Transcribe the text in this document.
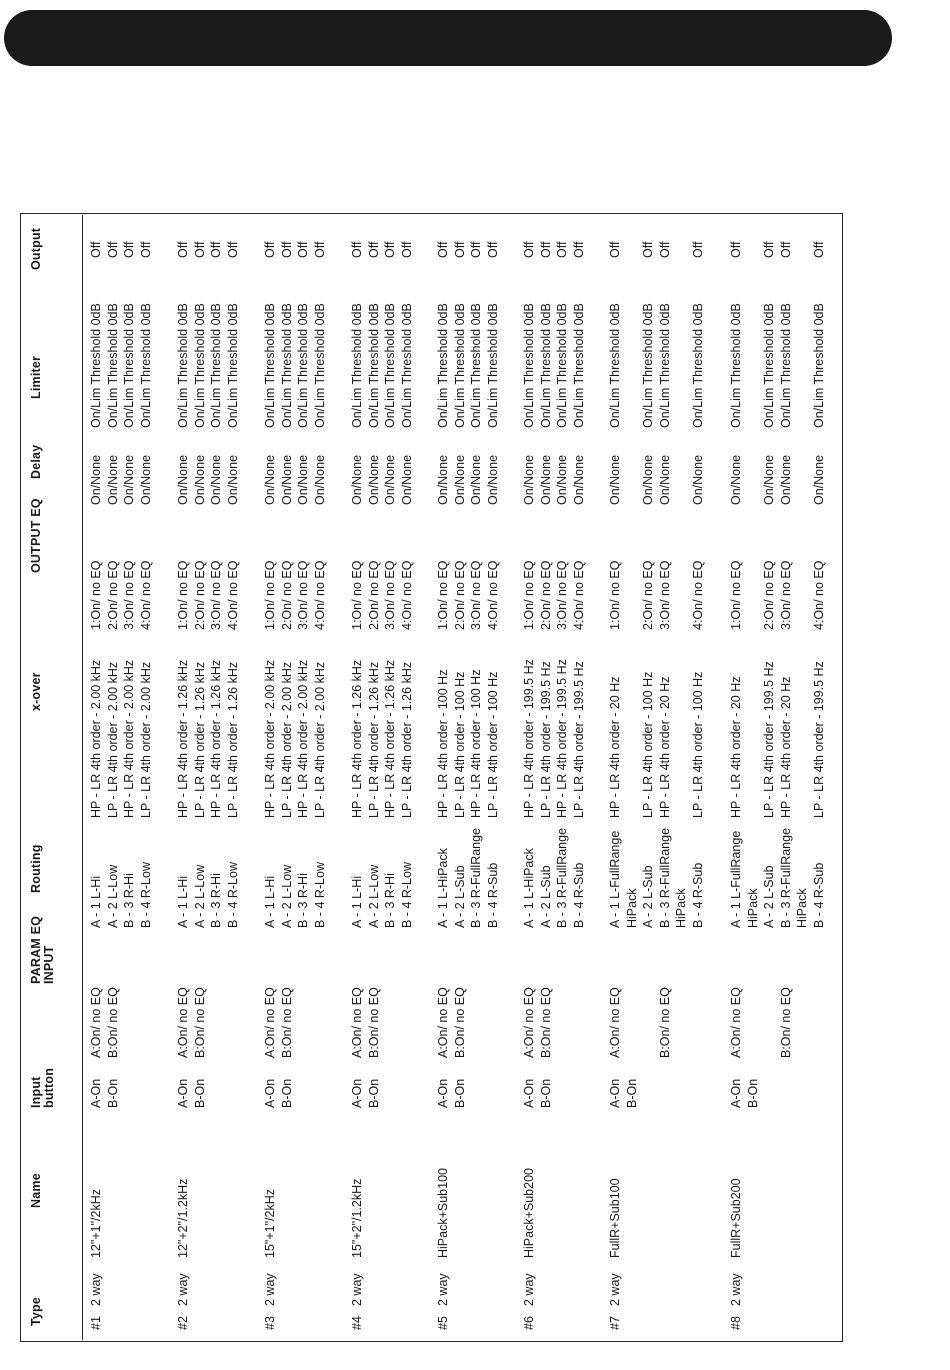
Type
Name
Input button
PARAM EQ INPUT
Routing
x-over
OUTPUT EQ
Delay
Limiter
Output
#1
2 way
12"+1"/2kHz
A-On B-On
A:On/ no EQ B:On/ no EQ
A - 1 L-Hi A - 2 L-Low B - 3 R-Hi B - 4 R-Low
HP - LR 4th order - 2.00 kHz LP - LR 4th order - 2.00 kHz HP - LR 4th order - 2.00 kHz LP - LR 4th order - 2.00 kHz
1:On/ no EQ 2:On/ no EQ 3:On/ no EQ 4:On/ no EQ
On/None On/None On/None On/None
On/Lim Threshold 0dB On/Lim Threshold 0dB On/Lim Threshold 0dB On/Lim Threshold 0dB
Off Off Off Off
#2
2 way
12"+2"/1.2kHz
A-On B-On
A:On/ no EQ B:On/ no EQ
A - 1 L-Hi A - 2 L-Low B - 3 R-Hi B - 4 R-Low
HP - LR 4th order - 1.26 kHz LP - LR 4th order - 1.26 kHz HP - LR 4th order - 1.26 kHz LP - LR 4th order - 1.26 kHz
1:On/ no EQ 2:On/ no EQ 3:On/ no EQ 4:On/ no EQ
On/None On/None On/None On/None
On/Lim Threshold 0dB On/Lim Threshold 0dB On/Lim Threshold 0dB On/Lim Threshold 0dB
Off Off Off Off
#3
2 way
15"+1"/2kHz
A-On B-On
A:On/ no EQ B:On/ no EQ
A - 1 L-Hi A - 2 L-Low B - 3 R-Hi B - 4 R-Low
HP - LR 4th order - 2.00 kHz LP - LR 4th order - 2.00 kHz HP - LR 4th order - 2.00 kHz LP - LR 4th order - 2.00 kHz
1:On/ no EQ 2:On/ no EQ 3:On/ no EQ 4:On/ no EQ
On/None On/None On/None On/None
On/Lim Threshold 0dB On/Lim Threshold 0dB On/Lim Threshold 0dB On/Lim Threshold 0dB
Off Off Off Off
#4
2 way
15"+2"/1.2kHz
A-On B-On
A:On/ no EQ B:On/ no EQ
A - 1 L-Hi A - 2 L-Low B - 3 R-Hi B - 4 R-Low
HP - LR 4th order - 1.26 kHz LP - LR 4th order - 1.26 kHz HP - LR 4th order - 1.26 kHz LP - LR 4th order - 1.26 kHz
1:On/ no EQ 2:On/ no EQ 3:On/ no EQ 4:On/ no EQ
On/None On/None On/None On/None
On/Lim Threshold 0dB On/Lim Threshold 0dB On/Lim Threshold 0dB On/Lim Threshold 0dB
Off Off Off Off
#5
2 way
HiPack+Sub100
A-On B-On
A:On/ no EQ B:On/ no EQ
A - 1 L-HiPack A - 2 L-Sub B - 3 R-FullRange B - 4 R-Sub
HP - LR 4th order - 100 Hz LP - LR 4th order - 100 Hz HP - LR 4th order - 100 Hz LP - LR 4th order - 100 Hz
1:On/ no EQ 2:On/ no EQ 3:On/ no EQ 4:On/ no EQ
On/None On/None On/None On/None
On/Lim Threshold 0dB On/Lim Threshold 0dB On/Lim Threshold 0dB On/Lim Threshold 0dB
Off Off Off Off
#6
2 way
HiPack+Sub200
A-On B-On
A:On/ no EQ B:On/ no EQ
A - 1 L-HiPack A - 2 L-Sub B - 3 R-FullRange B - 4 R-Sub
HP - LR 4th order - 199.5 Hz LP - LR 4th order - 199.5 Hz HP - LR 4th order - 199.5 Hz LP - LR 4th order - 199.5 Hz
1:On/ no EQ 2:On/ no EQ 3:On/ no EQ 4:On/ no EQ
On/None On/None On/None On/None
On/Lim Threshold 0dB On/Lim Threshold 0dB On/Lim Threshold 0dB On/Lim Threshold 0dB
Off Off Off Off
#7
2 way
FullR+Sub100
A-On B-On
A:On/ no EQ	B:On/ no EQ
A - 1 L-FullRange HiPack A - 2 L-Sub B - 3 R-FullRange HiPack B - 4 R-Sub
HP - LR 4th order - 20 Hz LP - LR 4th order - 100 Hz HP - LR 4th order - 20 Hz LP - LR 4th order - 100 Hz
1:On/ no EQ 2:On/ no EQ 3:On/ no EQ 4:On/ no EQ
On/None On/None On/None On/None
On/Lim Threshold 0dB On/Lim Threshold 0dB On/Lim Threshold 0dB On/Lim Threshold 0dB
Off Off Off Off
#8
2 way
FullR+Sub200
A-On B-On
A:On/ no EQ	B:On/ no EQ
A - 1 L-FullRange HiPack A - 2 L-Sub B - 3 R-FullRange HiPack B - 4 R-Sub
HP - LR 4th order - 20 Hz LP - LR 4th order - 199.5 Hz HP - LR 4th order - 20 Hz LP - LR 4th order - 199.5 Hz
1:On/ no EQ 2:On/ no EQ 3:On/ no EQ 4:On/ no EQ
On/None On/None On/None On/None
On/Lim Threshold 0dB On/Lim Threshold 0dB On/Lim Threshold 0dB On/Lim Threshold 0dB
Off Off Off Off
